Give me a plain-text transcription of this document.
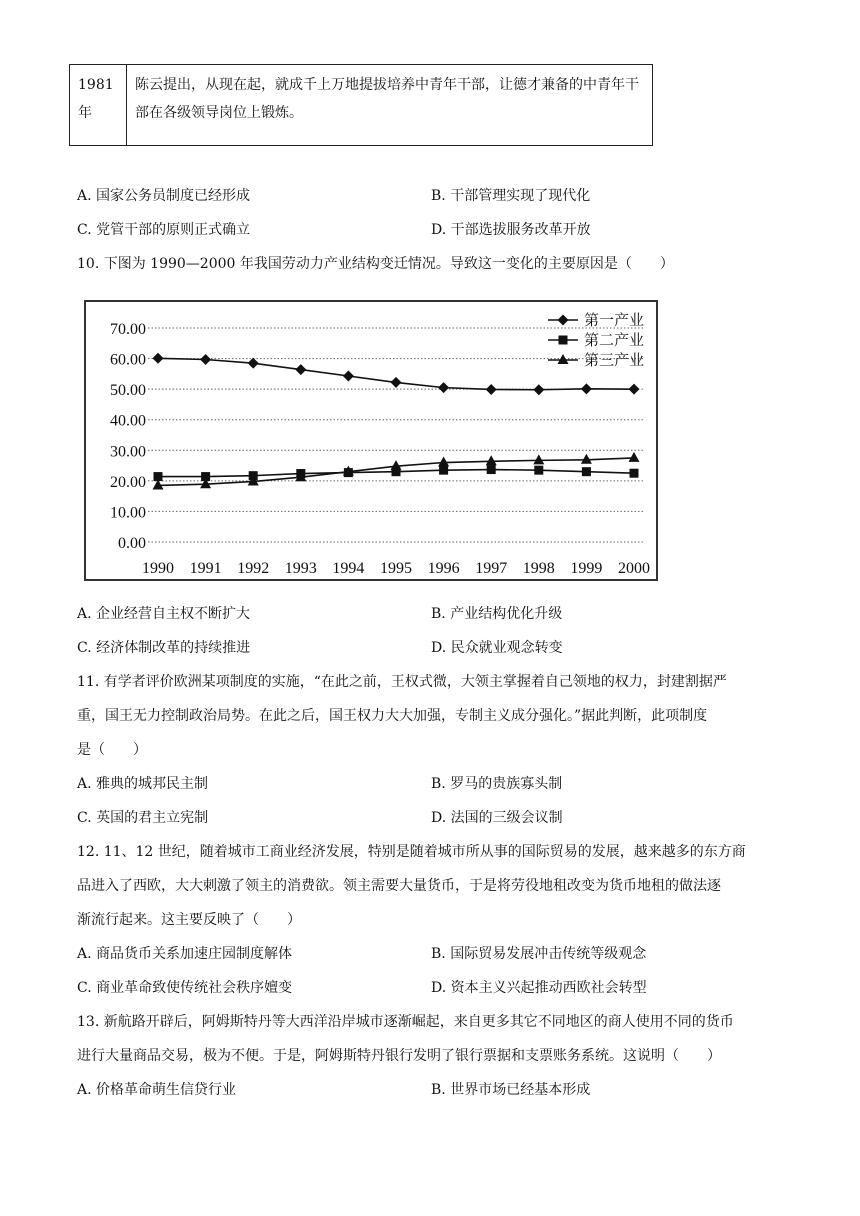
1981年	陈云提出，从现在起，就成千上万地提拔培养中青年干部，让德才兼备的中青年干部在各级领导岗位上锻炼。
A. 国家公务员制度已经形成	B. 干部管理实现了现代化
C. 党管干部的原则正式确立	D. 干部选拔服务改革开放
10. 下图为 1990—2000 年我国劳动力产业结构变迁情况。导致这一变化的主要原因是（　　）
0.00
10.00
20.00
30.00
40.00
50.00
60.00
70.00
1990 1991 1992 1993 1994 1995 1996 1997 1998 1999 2000
第一产业
第二产业
第三产业
A. 企业经营自主权不断扩大	B. 产业结构优化升级
C. 经济体制改革的持续推进	D. 民众就业观念转变
11. 有学者评价欧洲某项制度的实施，“在此之前，王权式微，大领主掌握着自己领地的权力，封建割据严
重，国王无力控制政治局势。在此之后，国王权力大大加强，专制主义成分强化。”据此判断，此项制度
是（　　）
A. 雅典的城邦民主制	B. 罗马的贵族寡头制
C. 英国的君主立宪制	D. 法国的三级会议制
12. 11、12 世纪，随着城市工商业经济发展，特别是随着城市所从事的国际贸易的发展，越来越多的东方商
品进入了西欧，大大刺激了领主的消费欲。领主需要大量货币，于是将劳役地租改变为货币地租的做法逐
渐流行起来。这主要反映了（　　）
A. 商品货币关系加速庄园制度解体	B. 国际贸易发展冲击传统等级观念
C. 商业革命致使传统社会秩序嬗变	D. 资本主义兴起推动西欧社会转型
13. 新航路开辟后，阿姆斯特丹等大西洋沿岸城市逐渐崛起，来自更多其它不同地区的商人使用不同的货币
进行大量商品交易，极为不便。于是，阿姆斯特丹银行发明了银行票据和支票账务系统。这说明（　　）
A. 价格革命萌生信贷行业	B. 世界市场已经基本形成
